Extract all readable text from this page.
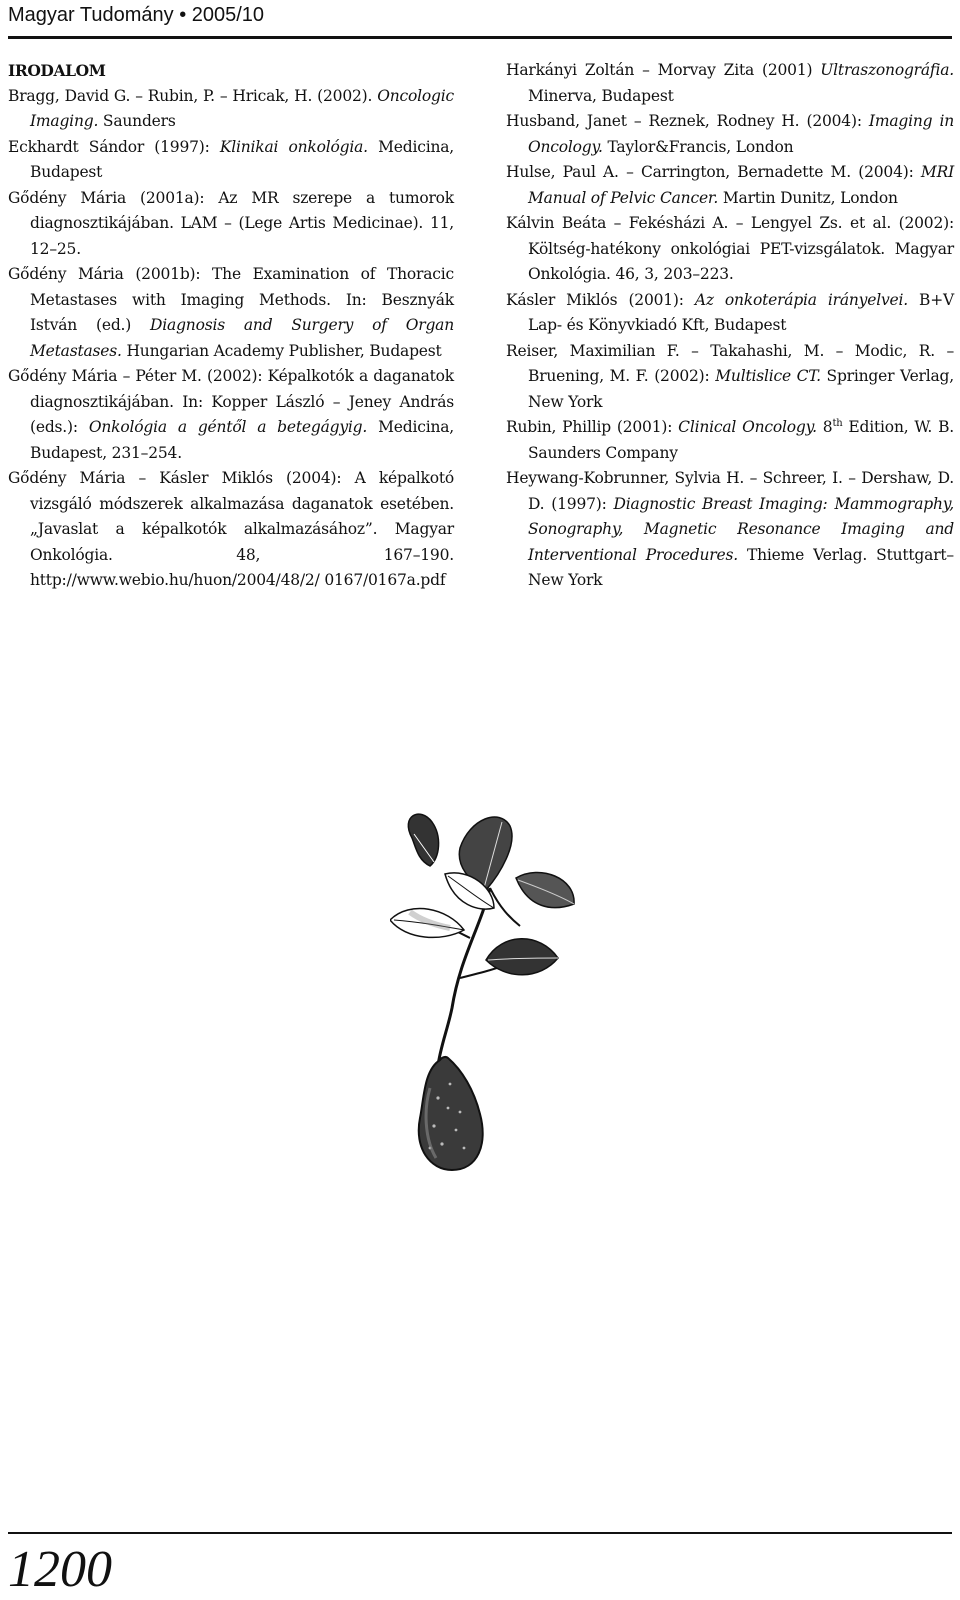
Magyar Tudomány • 2005/10

IRODALOM

Bragg, David G. – Rubin, P. – Hricak, H. (2002). Oncologic Imaging. Saunders

Eckhardt Sándor (1997): Klinikai onkológia. Medicina, Budapest

Gődény Mária (2001a): Az MR szerepe a tumorok diagnosztikájában. LAM – (Lege Artis Medicinae). 11, 12–25.

Gődény Mária (2001b): The Examination of Thoracic Metastases with Imaging Methods. In: Besznyák István (ed.) Diagnosis and Surgery of Organ Metastases. Hungarian Academy Publisher, Budapest

Gődény Mária – Péter M. (2002): Képalkotók a daganatok diagnosztikájában. In: Kopper László – Jeney András (eds.): Onkológia a géntől a betegágyig. Medicina, Budapest, 231–254.

Gődény Mária – Kásler Miklós (2004): A képalkotó vizsgáló módszerek alkalmazása daganatok esetében. „Javaslat a képalkotók alkalmazásához”. Magyar Onkológia. 48, 167–190. http://www.webio.hu/huon/2004/48/2/ 0167/0167a.pdf

Harkányi Zoltán – Morvay Zita (2001) Ultraszonográfia. Minerva, Budapest

Husband, Janet – Reznek, Rodney H. (2004): Imaging in Oncology. Taylor&Francis, London

Hulse, Paul A. – Carrington, Bernadette M. (2004): MRI Manual of Pelvic Cancer. Martin Dunitz, London

Kálvin Beáta – Fekésházi A. – Lengyel Zs. et al. (2002): Költség-hatékony onkológiai PET-vizsgálatok. Magyar Onkológia. 46, 3, 203–223.

Kásler Miklós (2001): Az onkoterápia irányelvei. B+V Lap- és Könyvkiadó Kft, Budapest

Reiser, Maximilian F. – Takahashi, M. – Modic, R. – Bruening, M. F. (2002): Multislice CT. Springer Verlag, New York

Rubin, Phillip (2001): Clinical Oncology. 8th Edition, W. B. Saunders Company

Heywang-Kobrunner, Sylvia H. – Schreer, I. – Dershaw, D. D. (1997): Diagnostic Breast Imaging: Mammography, Sonography, Magnetic Resonance Imaging and Interventional Procedures. Thieme Verlag. Stuttgart–New York

1200
